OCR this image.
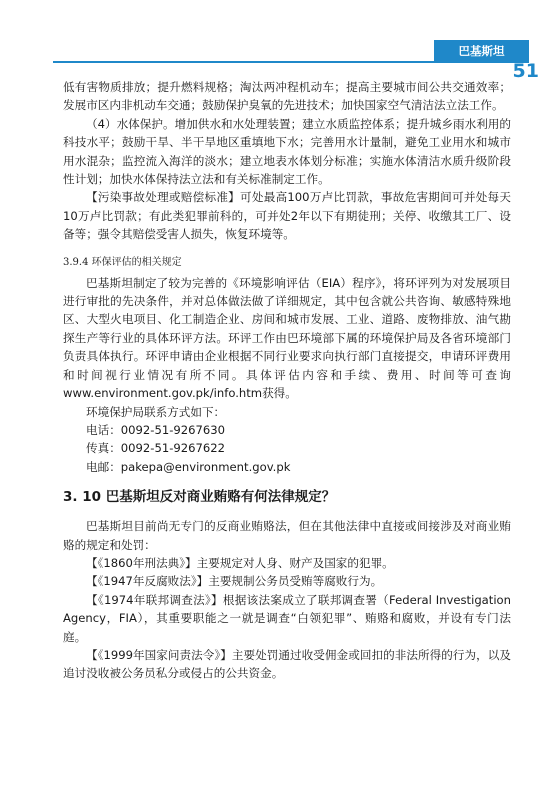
巴基斯坦
51

低有害物质排放；提升燃料规格；淘汰两冲程机动车；提高主要城市间公共交通效率；发展市区内非机动车交通；鼓励保护臭氧的先进技术；加快国家空气清洁法立法工作。

（4）水体保护。增加供水和水处理装置；建立水质监控体系；提升城乡雨水利用的科技水平；鼓励干旱、半干旱地区重填地下水；完善用水计量制，避免工业用水和城市用水混杂；监控流入海洋的淡水；建立地表水体划分标准；实施水体清洁水质升级阶段性计划；加快水体保持法立法和有关标准制定工作。

【污染事故处理或赔偿标准】可处最高100万卢比罚款，事故危害期间可并处每天10万卢比罚款；有此类犯罪前科的，可并处2年以下有期徒刑；关停、收缴其工厂、设备等；强令其赔偿受害人损失，恢复环境等。

3.9.4 环保评估的相关规定

巴基斯坦制定了较为完善的《环境影响评估（EIA）程序》，将环评列为对发展项目进行审批的先决条件，并对总体做法做了详细规定，其中包含就公共咨询、敏感特殊地区、大型火电项目、化工制造企业、房间和城市发展、工业、道路、废物排放、油气勘探生产等行业的具体环评方法。环评工作由巴环境部下属的环境保护局及各省环境部门负责具体执行。环评申请由企业根据不同行业要求向执行部门直接提交，申请环评费用和时间视行业情况有所不同。具体评估内容和手续、费用、时间等可查询www.environment.gov.pk/info.htm获得。

环境保护局联系方式如下：
电话：0092-51-9267630
传真：0092-51-9267622
电邮：pakepa@environment.gov.pk
3. 10 巴基斯坦反对商业贿赂有何法律规定？

巴基斯坦目前尚无专门的反商业贿赂法，但在其他法律中直接或间接涉及对商业贿赂的规定和处罚：

【《1860年刑法典》】主要规定对人身、财产及国家的犯罪。

【《1947年反腐败法》】主要规制公务员受贿等腐败行为。

【《1974年联邦调查法》】根据该法案成立了联邦调查署（Federal Investigation Agency，FIA），其重要职能之一就是调查“白领犯罪”、贿赂和腐败，并设有专门法庭。

【《1999年国家问责法令》】主要处罚通过收受佣金或回扣的非法所得的行为，以及追讨没收被公务员私分或侵占的公共资金。
